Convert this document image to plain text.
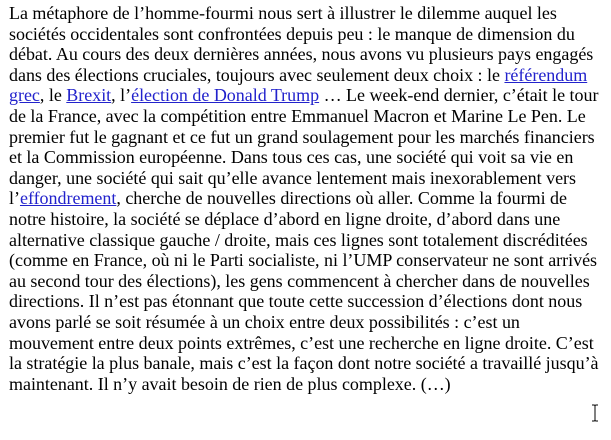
La métaphore de l’homme-fourmi nous sert à illustrer le dilemme auquel les sociétés occidentales sont confrontées depuis peu : le manque de dimension du débat. Au cours des deux dernières années, nous avons vu plusieurs pays engagés dans des élections cruciales, toujours avec seulement deux choix : le référendum grec, le Brexit, l’élection de Donald Trump … Le week-end dernier, c’était le tour de la France, avec la compétition entre Emmanuel Macron et Marine Le Pen. Le premier fut le gagnant et ce fut un grand soulagement pour les marchés financiers et la Commission européenne. Dans tous ces cas, une société qui voit sa vie en danger, une société qui sait qu’elle avance lentement mais inexorablement vers l’effondrement, cherche de nouvelles directions où aller. Comme la fourmi de notre histoire, la société se déplace d’abord en ligne droite, d’abord dans une alternative classique gauche / droite, mais ces lignes sont totalement discréditées (comme en France, où ni le Parti socialiste, ni l’UMP conservateur ne sont arrivés au second tour des élections), les gens commencent à chercher dans de nouvelles directions. Il n’est pas étonnant que toute cette succession d’élections dont nous avons parlé se soit résumée à un choix entre deux possibilités : c’est un mouvement entre deux points extrêmes, c’est une recherche en ligne droite. C’est la stratégie la plus banale, mais c’est la façon dont notre société a travaillé jusqu’à maintenant. Il n’y avait besoin de rien de plus complexe. (…)
